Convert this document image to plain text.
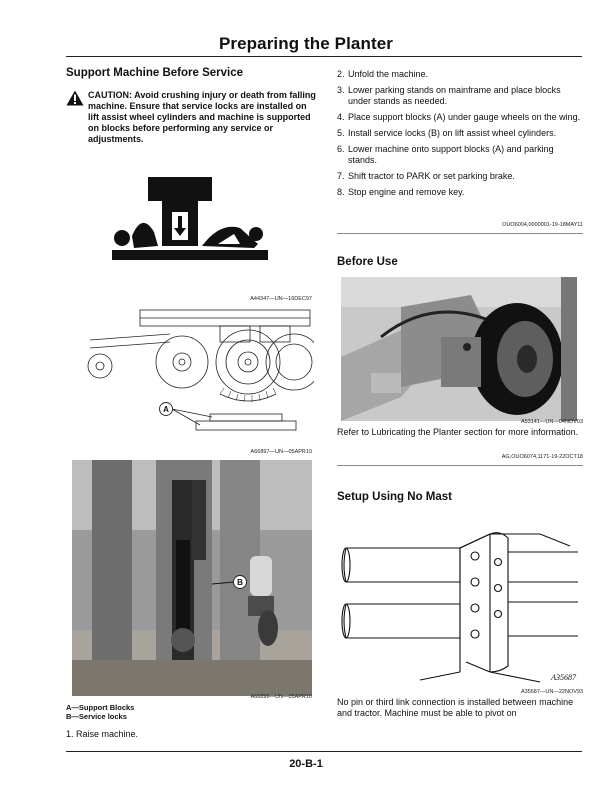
Preparing the Planter
Support Machine Before Service
CAUTION: Avoid crushing injury or death from falling machine. Ensure that service locks are installed on lift assist wheel cylinders and machine is supported on blocks before performing any service or adjustments.
A44347—UN—16DEC97
A
A66897—UN—05APR10
B
A66896—UN—05APR10
A—Support Blocks
B—Service locks
1. Raise machine.
2. Unfold the machine.
3. Lower parking stands on mainframe and place blocks under stands as needed.
4. Place support blocks (A) under gauge wheels on the wing.
5. Install service locks (B) on lift assist wheel cylinders.
6. Lower machine onto support blocks (A) and parking stands.
7. Shift tractor to PARK or set parking brake.
8. Stop engine and remove key.
OUO6004,0000001-19-18MAY11
Before Use
A53141—UN—04NOV03
Refer to Lubricating the Planter section for more information.
AG,OUO6074,1171-19-22OCT18
Setup Using No Mast
A35687
A35687—UN—22NOV93
No pin or third link connection is installed between machine and tractor. Machine must be able to pivot on
20-B-1
